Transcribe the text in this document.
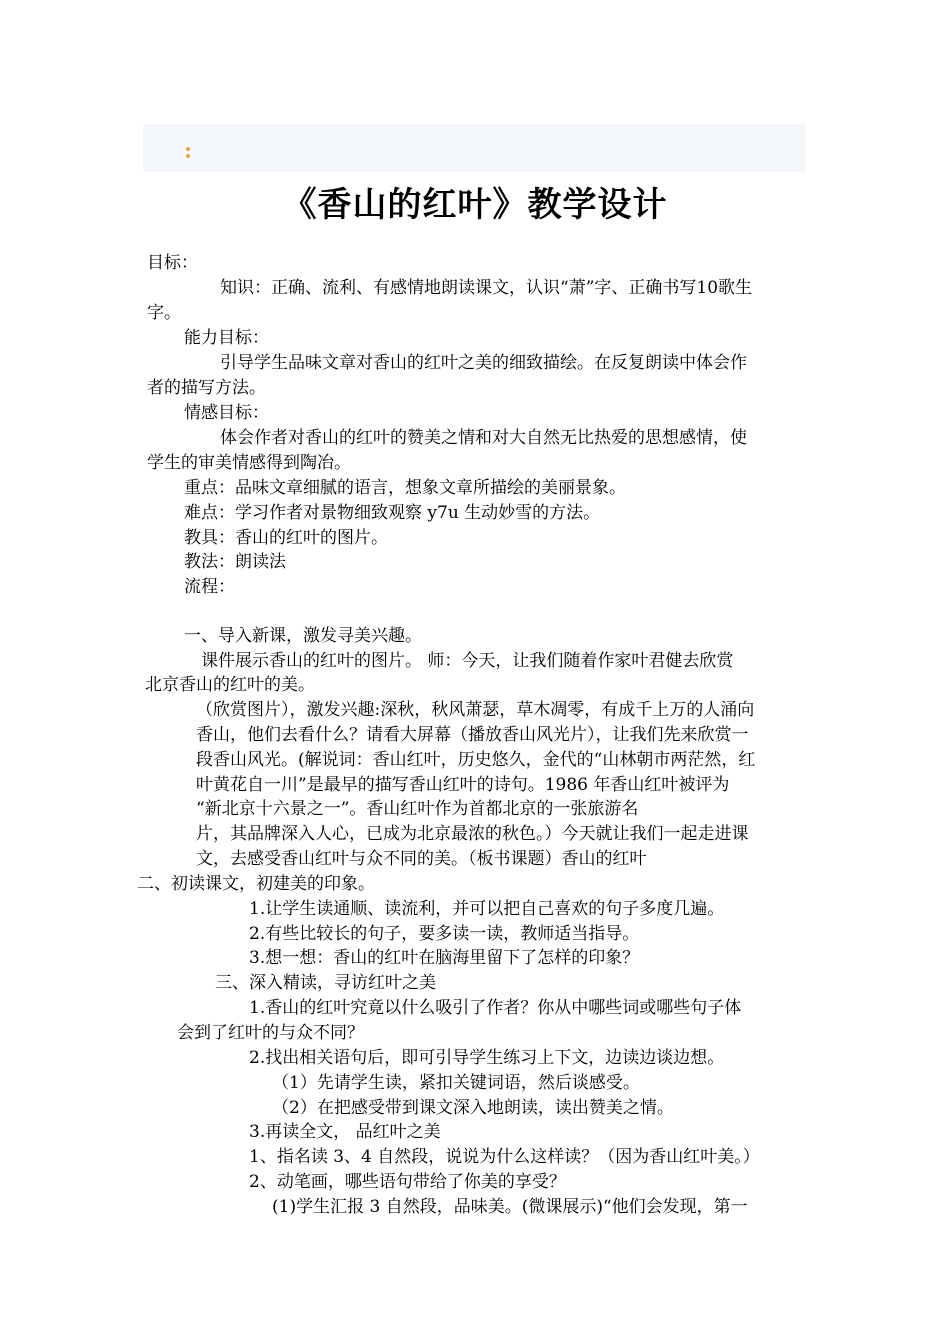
《香山的红叶》教学设计
目标：
知识：正确、流利、有感情地朗读课文，认识“萧”字、正确书写10歌生
字。
能力目标：
引导学生品味文章对香山的红叶之美的细致描绘。在反复朗读中体会作
者的描写方法。
情感目标：
体会作者对香山的红叶的赞美之情和对大自然无比热爱的思想感情，使
学生的审美情感得到陶冶。
重点：品味文章细腻的语言，想象文章所描绘的美丽景象。
难点：学习作者对景物细致观察 y7u 生动妙雪的方法。
教具：香山的红叶的图片。
教法：朗读法
流程：
一、导入新课，激发寻美兴趣。
课件展示香山的红叶的图片。 师：今天，让我们随着作家叶君健去欣赏
北京香山的红叶的美。
（欣赏图片），激发兴趣:深秋，秋风萧瑟，草木凋零，有成千上万的人涌向
香山，他们去看什么？请看大屏幕（播放香山风光片），让我们先来欣赏一
段香山风光。(解说词：香山红叶，历史悠久，金代的“山林朝市两茫然，红
叶黄花自一川”是最早的描写香山红叶的诗句。1986 年香山红叶被评为
“新北京十六景之一”。香山红叶作为首都北京的一张旅游名
片，其品牌深入人心，已成为北京最浓的秋色。）今天就让我们一起走进课
文，去感受香山红叶与众不同的美。（板书课题）香山的红叶
二、初读课文，初建美的印象。
1.让学生读通顺、读流利，并可以把自己喜欢的句子多度几遍。
2.有些比较长的句子，要多读一读，教师适当指导。
3.想一想：香山的红叶在脑海里留下了怎样的印象？
三、深入精读，寻访红叶之美
1.香山的红叶究竟以什么吸引了作者？你从中哪些词或哪些句子体
会到了红叶的与众不同？
2.找出相关语句后，即可引导学生练习上下文，边读边谈边想。
（1）先请学生读，紧扣关键词语，然后谈感受。
（2）在把感受带到课文深入地朗读，读出赞美之情。
3.再读全文， 品红叶之美
1、指名读 3、4 自然段，说说为什么这样读？（因为香山红叶美。）
2、动笔画，哪些语句带给了你美的享受？
(1)学生汇报 3 自然段，品味美。(微课展示)“他们会发现，第一
